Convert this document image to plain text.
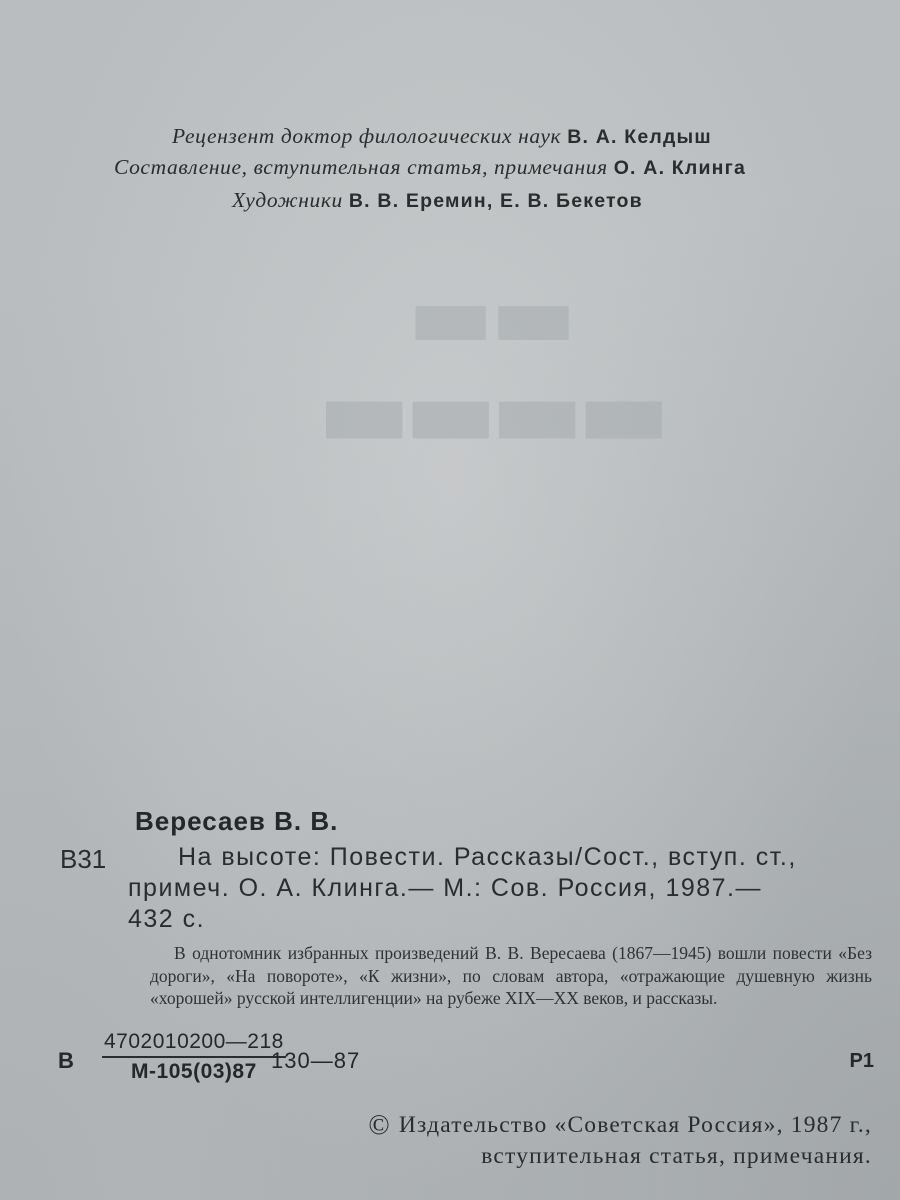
Рецензент доктор филологических наук В. А. Келдыш
Составление, вступительная статья, примечания О. А. Клинга
Художники В. В. Еремин, Е. В. Бекетов
▬▬
▬▬▬▬
Вересаев В. В.
В31	На высоте: Повести. Рассказы/Сост., вступ. ст.,
примеч. О. А. Клинга.— М.: Сов. Россия, 1987.—
432 с.
В однотомник избранных произведений В. В. Вересаева (1867—1945) вошли повести «Без дороги», «На повороте», «К жизни», по словам автора, «отражающие душевную жизнь «хорошей» русской интеллигенции» на рубеже XIX—XX веков, и рассказы.
В
4702010200—218
М-105(03)87 130—87	Р1
© Издательство «Советская Россия», 1987 г.,
вступительная статья, примечания.
